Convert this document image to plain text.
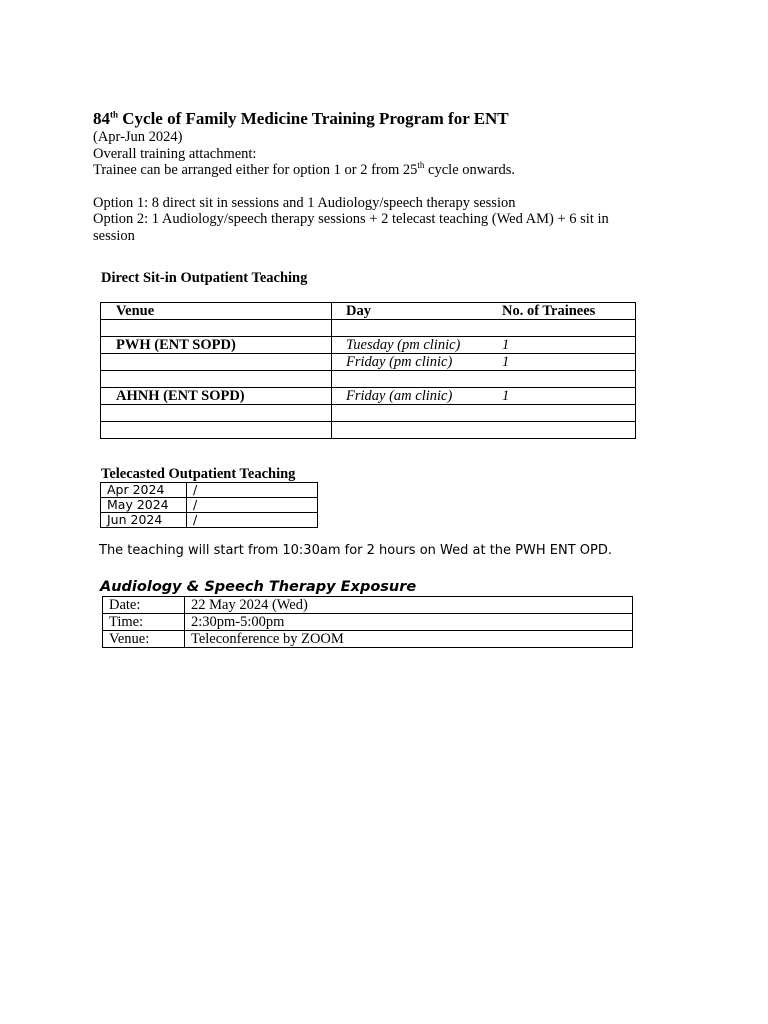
84th Cycle of Family Medicine Training Program for ENT

(Apr-Jun 2024)

Overall training attachment:

Trainee can be arranged either for option 1 or 2 from 25th cycle onwards.

Option 1: 8 direct sit in sessions and 1 Audiology/speech therapy session

Option 2: 1 Audiology/speech therapy sessions + 2 telecast teaching (Wed AM) + 6 sit in session

Direct Sit-in Outpatient Teaching
Venue	Day No. of Trainees

PWH (ENT SOPD)	Tuesday (pm clinic) 1
	Friday (pm clinic) 1

AHNH (ENT SOPD)	Friday (am clinic) 1

Telecasted Outpatient Teaching
Apr 2024	/
May 2024	/
Jun 2024	/
The teaching will start from 10:30am for 2 hours on Wed at the PWH ENT OPD.
Audiology & Speech Therapy Exposure
Date:	22 May 2024 (Wed)
Time:	2:30pm-5:00pm
Venue:	Teleconference by ZOOM
